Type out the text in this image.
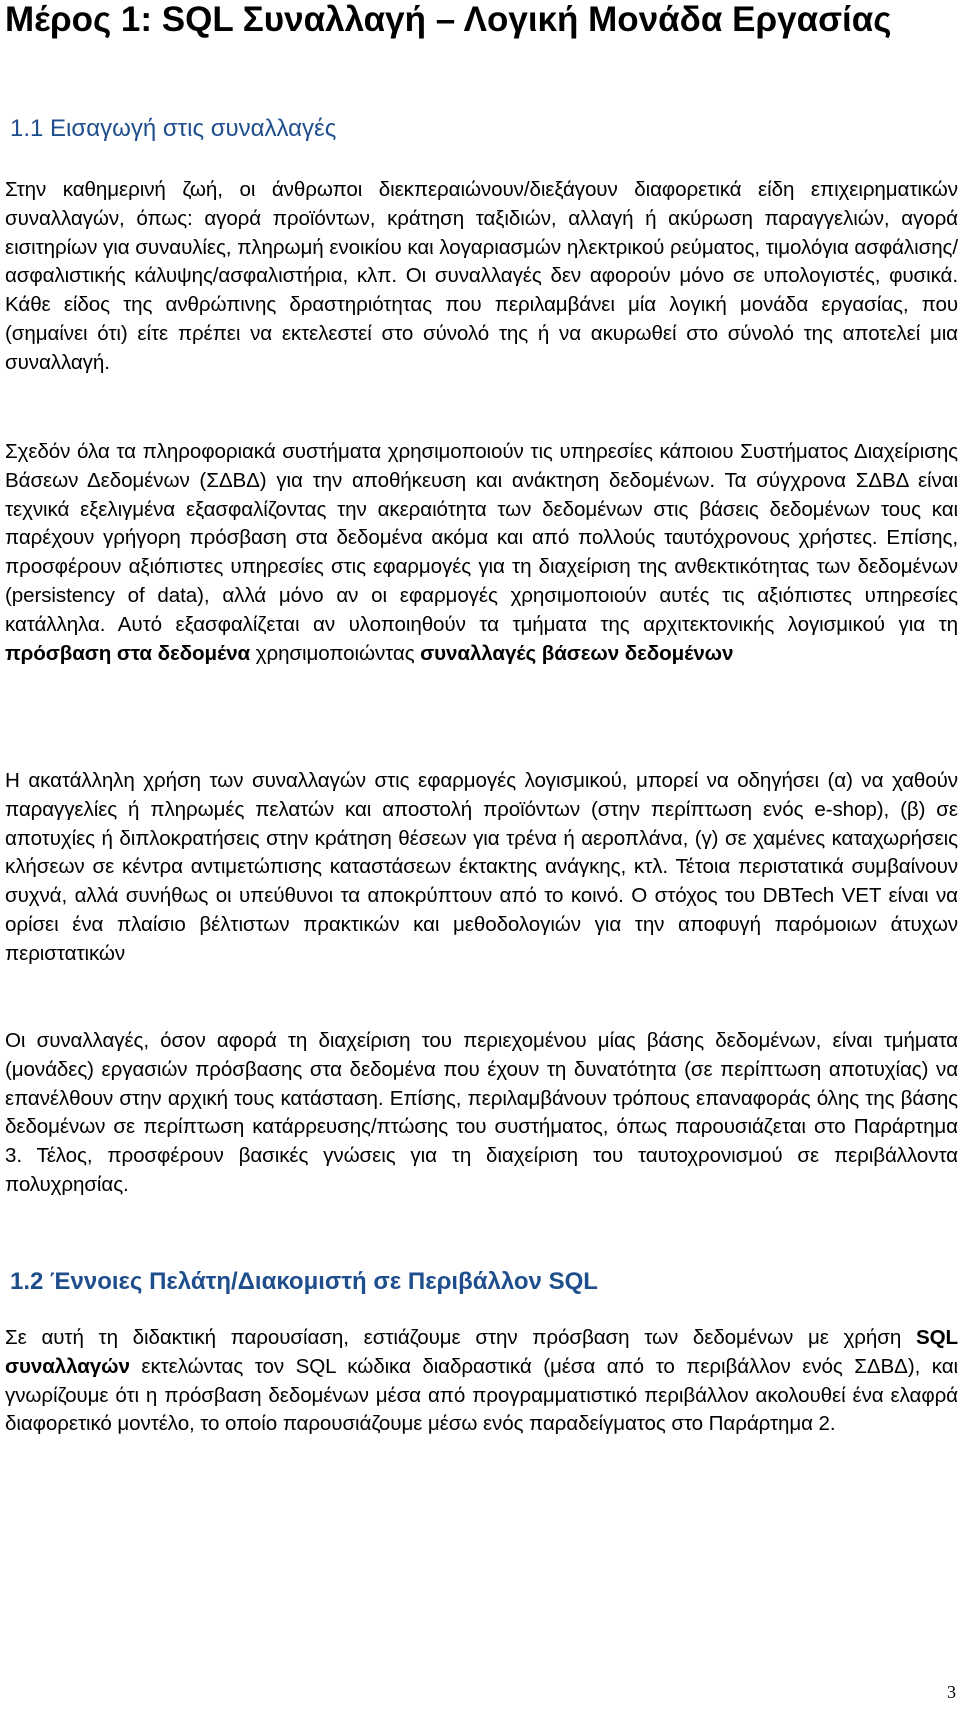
Μέρος 1: SQL Συναλλαγή – Λογική Μονάδα Εργασίας
1.1 Εισαγωγή στις συναλλαγές

Στην καθημερινή ζωή, οι άνθρωποι διεκπεραιώνουν/διεξάγουν διαφορετικά είδη επιχειρηματικών συναλλαγών, όπως: αγορά προϊόντων, κράτηση ταξιδιών, αλλαγή ή ακύρωση παραγγελιών, αγορά εισιτηρίων για συναυλίες, πληρωμή ενοικίου και λογαριασμών ηλεκτρικού ρεύματος, τιμολόγια ασφάλισης/ασφαλιστικής κάλυψης/ασφαλιστήρια, κλπ. Οι συναλλαγές δεν αφορούν μόνο σε υπολογιστές, φυσικά. Κάθε είδος της ανθρώπινης δραστηριότητας που περιλαμβάνει μία λογική μονάδα εργασίας, που (σημαίνει ότι) είτε πρέπει να εκτελεστεί στο σύνολό της ή να ακυρωθεί στο σύνολό της αποτελεί μια συναλλαγή.

Σχεδόν όλα τα πληροφοριακά συστήματα χρησιμοποιούν τις υπηρεσίες κάποιου Συστήματος Διαχείρισης Βάσεων Δεδομένων (ΣΔΒΔ) για την αποθήκευση και ανάκτηση δεδομένων. Τα σύγχρονα ΣΔΒΔ είναι τεχνικά εξελιγμένα εξασφαλίζοντας την ακεραιότητα των δεδομένων στις βάσεις δεδομένων τους και παρέχουν γρήγορη πρόσβαση στα δεδομένα ακόμα και από πολλούς ταυτόχρονους χρήστες. Επίσης, προσφέρουν αξιόπιστες υπηρεσίες στις εφαρμογές για τη διαχείριση της ανθεκτικότητας των δεδομένων (persistency of data), αλλά μόνο αν οι εφαρμογές χρησιμοποιούν αυτές τις αξιόπιστες υπηρεσίες κατάλληλα. Αυτό εξασφαλίζεται αν υλοποιηθούν τα τμήματα της αρχιτεκτονικής λογισμικού για τη πρόσβαση στα δεδομένα χρησιμοποιώντας συναλλαγές βάσεων δεδομένων

Η ακατάλληλη χρήση των συναλλαγών στις εφαρμογές λογισμικού, μπορεί να οδηγήσει (α) να χαθούν παραγγελίες ή πληρωμές πελατών και αποστολή προϊόντων (στην περίπτωση ενός e-shop), (β) σε αποτυχίες ή διπλοκρατήσεις στην κράτηση θέσεων για τρένα ή αεροπλάνα, (γ) σε χαμένες καταχωρήσεις κλήσεων σε κέντρα αντιμετώπισης καταστάσεων έκτακτης ανάγκης, κτλ. Τέτοια περιστατικά συμβαίνουν συχνά, αλλά συνήθως οι υπεύθυνοι τα αποκρύπτουν από το κοινό. Ο στόχος του DBTech VET είναι να ορίσει ένα πλαίσιο βέλτιστων πρακτικών και μεθοδολογιών για την αποφυγή παρόμοιων άτυχων περιστατικών

Οι συναλλαγές, όσον αφορά τη διαχείριση του περιεχομένου μίας βάσης δεδομένων, είναι τμήματα (μονάδες) εργασιών πρόσβασης στα δεδομένα που έχουν τη δυνατότητα (σε περίπτωση αποτυχίας) να επανέλθουν στην αρχική τους κατάσταση. Επίσης, περιλαμβάνουν τρόπους επαναφοράς όλης της βάσης δεδομένων σε περίπτωση κατάρρευσης/πτώσης του συστήματος, όπως παρουσιάζεται στο Παράρτημα 3. Τέλος, προσφέρουν βασικές γνώσεις για τη διαχείριση του ταυτοχρονισμού σε περιβάλλοντα πολυχρησίας.

1.2 Έννοιες Πελάτη/Διακομιστή σε Περιβάλλον SQL

Σε αυτή τη διδακτική παρουσίαση, εστιάζουμε στην πρόσβαση των δεδομένων με χρήση SQL συναλλαγών εκτελώντας τον SQL κώδικα διαδραστικά (μέσα από το περιβάλλον ενός ΣΔΒΔ), και γνωρίζουμε ότι η πρόσβαση δεδομένων μέσα από προγραμματιστικό περιβάλλον ακολουθεί ένα ελαφρά διαφορετικό μοντέλο, το οποίο παρουσιάζουμε μέσω ενός παραδείγματος στο Παράρτημα 2.

3
